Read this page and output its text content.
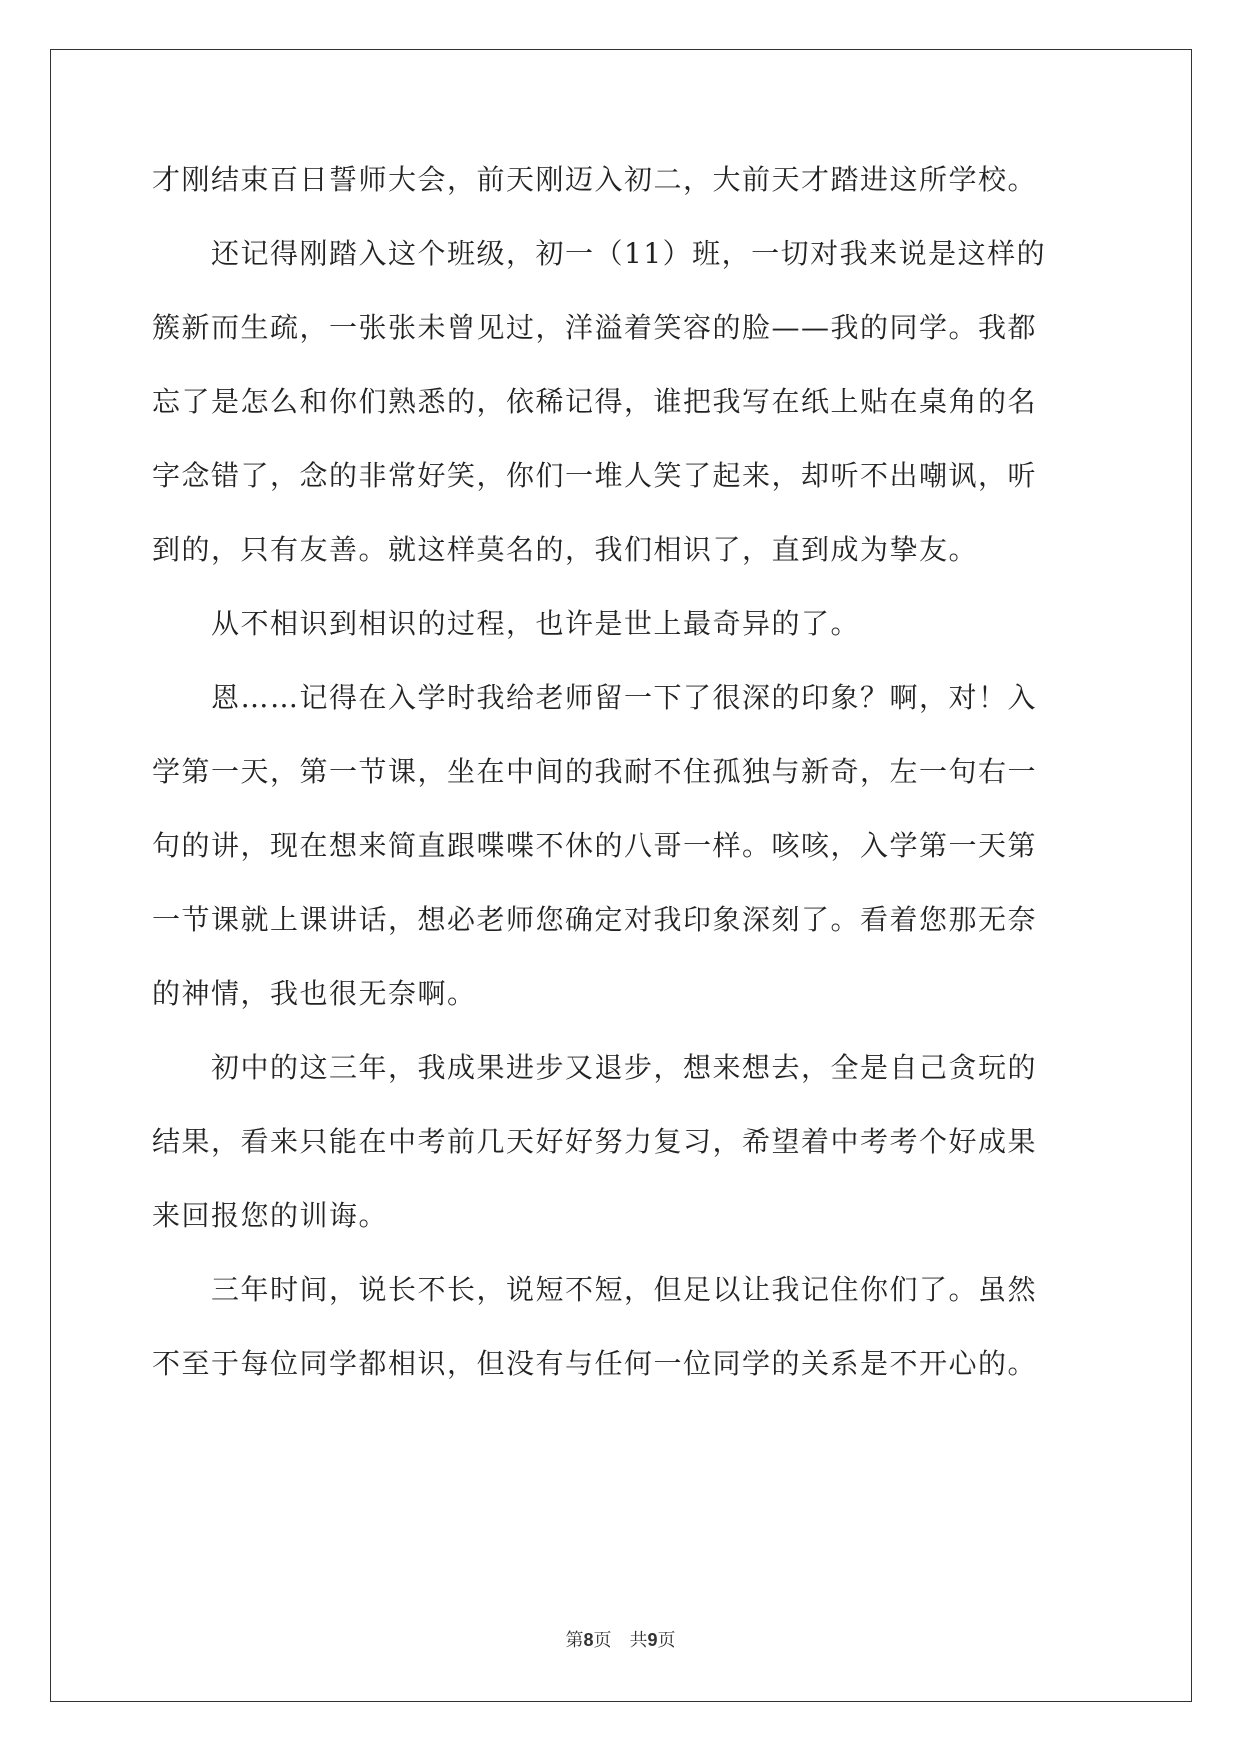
才刚结束百日誓师大会，前天刚迈入初二，大前天才踏进这所学校。
　　还记得刚踏入这个班级，初一（11）班，一切对我来说是这样的
簇新而生疏，一张张未曾见过，洋溢着笑容的脸——我的同学。我都
忘了是怎么和你们熟悉的，依稀记得，谁把我写在纸上贴在桌角的名
字念错了，念的非常好笑，你们一堆人笑了起来，却听不出嘲讽，听
到的，只有友善。就这样莫名的，我们相识了，直到成为挚友。
　　从不相识到相识的过程，也许是世上最奇异的了。
　　恩……记得在入学时我给老师留一下了很深的印象？啊，对！入
学第一天，第一节课，坐在中间的我耐不住孤独与新奇，左一句右一
句的讲，现在想来简直跟喋喋不休的八哥一样。咳咳，入学第一天第
一节课就上课讲话，想必老师您确定对我印象深刻了。看着您那无奈
的神情，我也很无奈啊。
　　初中的这三年，我成果进步又退步，想来想去，全是自己贪玩的
结果，看来只能在中考前几天好好努力复习，希望着中考考个好成果
来回报您的训诲。
　　三年时间，说长不长，说短不短，但足以让我记住你们了。虽然
不至于每位同学都相识，但没有与任何一位同学的关系是不开心的。
第8页 共9页
